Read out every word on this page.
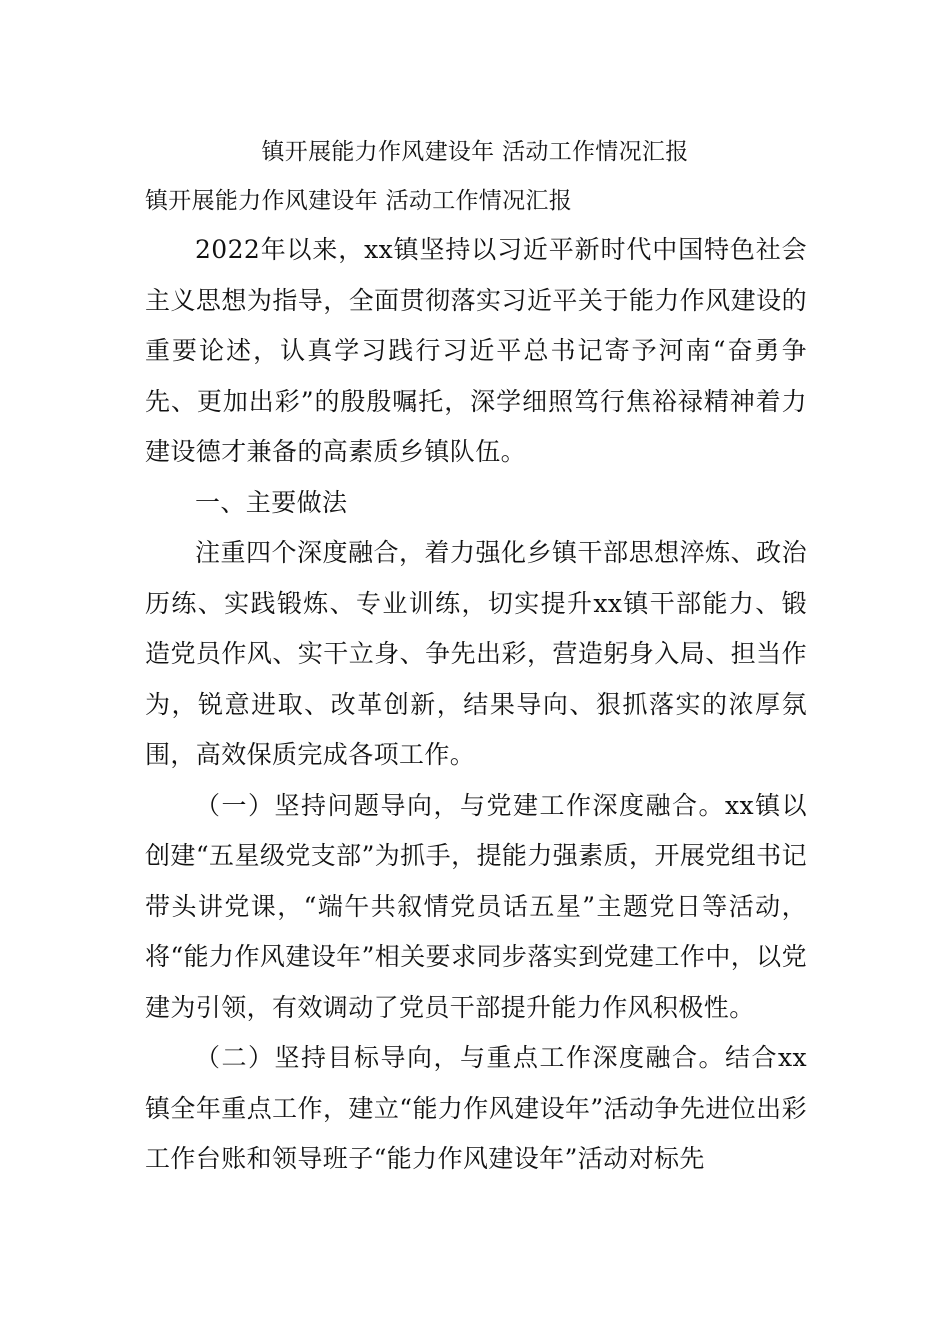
镇开展能力作风建设年 活动工作情况汇报
镇开展能力作风建设年 活动工作情况汇报

2022年以来，xx镇坚持以习近平新时代中国特色社会主义思想为指导，全面贯彻落实习近平关于能力作风建设的重要论述，认真学习践行习近平总书记寄予河南“奋勇争先、更加出彩”的殷殷嘱托，深学细照笃行焦裕禄精神着力建设德才兼备的高素质乡镇队伍。

一、主要做法

注重四个深度融合，着力强化乡镇干部思想淬炼、政治历练、实践锻炼、专业训练，切实提升xx镇干部能力、锻造党员作风、实干立身、争先出彩，营造躬身入局、担当作为，锐意进取、改革创新，结果导向、狠抓落实的浓厚氛围，高效保质完成各项工作。

（一）坚持问题导向，与党建工作深度融合。xx镇以创建“五星级党支部”为抓手，提能力强素质，开展党组书记带头讲党课，“端午共叙情党员话五星”主题党日等活动，将“能力作风建设年”相关要求同步落实到党建工作中，以党建为引领，有效调动了党员干部提升能力作风积极性。

（二）坚持目标导向，与重点工作深度融合。结合xx镇全年重点工作，建立“能力作风建设年”活动争先进位出彩工作台账和领导班子“能力作风建设年”活动对标先
